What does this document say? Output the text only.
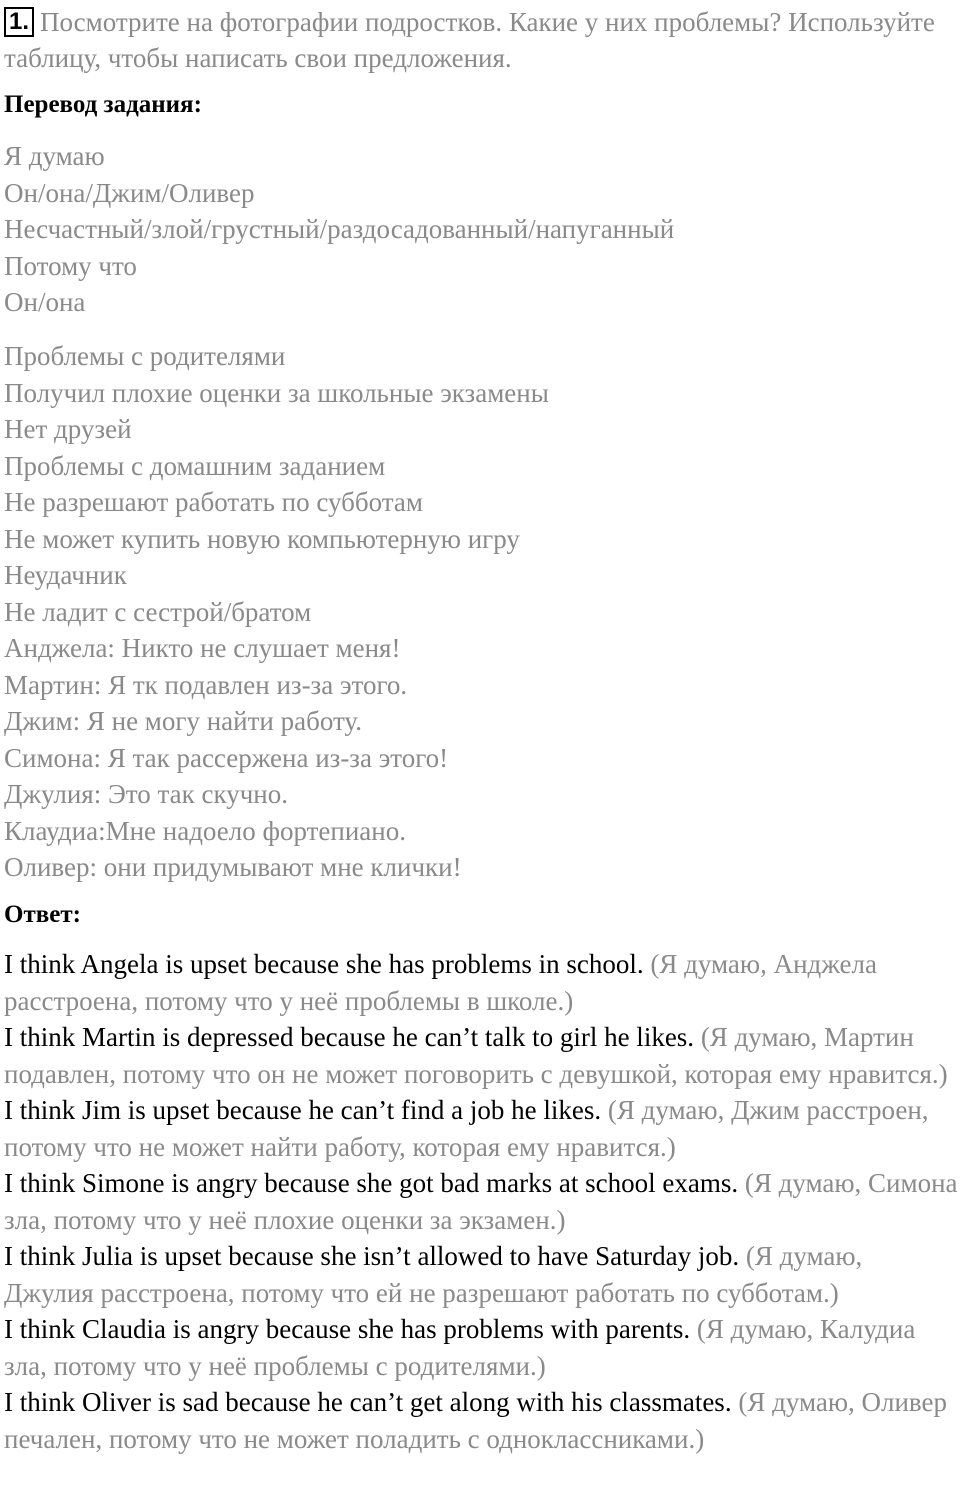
1. Посмотрите на фотографии подростков. Какие у них проблемы? Используйте таблицу, чтобы написать свои предложения.
Перевод задания:
Я думаю
Он/она/Джим/Оливер
Несчастный/злой/грустный/раздосадованный/напуганный
Потому что
Он/она
Проблемы с родителями
Получил плохие оценки за школьные экзамены
Нет друзей
Проблемы с домашним заданием
Не разрешают работать по субботам
Не может купить новую компьютерную игру
Неудачник
Не ладит с сестрой/братом
Анджела: Никто не слушает меня!
Мартин: Я тк подавлен из-за этого.
Джим: Я не могу найти работу.
Симона: Я так рассержена из-за этого!
Джулия: Это так скучно.
Клаудиа:Мне надоело фортепиано.
Оливер: они придумывают мне клички!
Ответ:
I think Angela is upset because she has problems in school. (Я думаю, Анджела расстроена, потому что у неё проблемы в школе.)
I think Martin is depressed because he can’t talk to girl he likes. (Я думаю, Мартин подавлен, потому что он не может поговорить с девушкой, которая ему нравится.)
I think Jim is upset because he can’t find a job he likes. (Я думаю, Джим расстроен, потому что не может найти работу, которая ему нравится.)
I think Simone is angry because she got bad marks at school exams. (Я думаю, Симона зла, потому что у неё плохие оценки за экзамен.)
I think Julia is upset because she isn’t allowed to have Saturday job. (Я думаю, Джулия расстроена, потому что ей не разрешают работать по субботам.)
I think Claudia is angry because she has problems with parents. (Я думаю, Калудиа зла, потому что у неё проблемы с родителями.)
I think Oliver is sad because he can’t get along with his classmates. (Я думаю, Оливер печален, потому что не может поладить с одноклассниками.)
